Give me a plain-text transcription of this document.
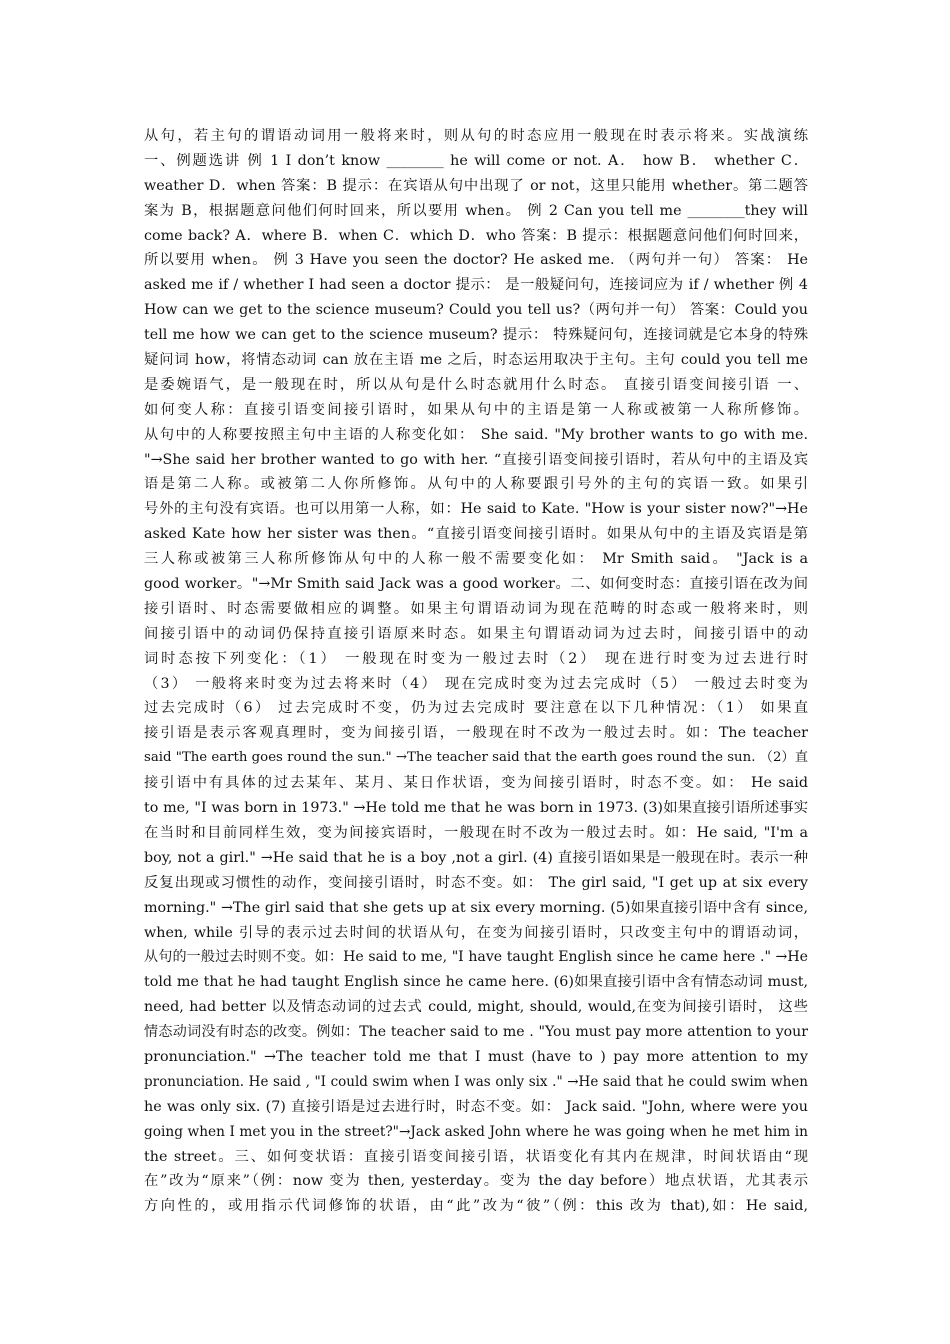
从句，若主句的谓语动词用一般将来时，则从句的时态应用一般现在时表示将来。实战演练
一、例题选讲 例 1 I don’t know ________ he will come or not. A． how B． whether C．
weather D．when 答案：B 提示：在宾语从句中出现了 or not，这里只能用 whether。第二题答
案为 B，根据题意问他们何时回来，所以要用 when。 例 2 Can you tell me ________they will
come back? A．where B．when C．which D．who 答案：B 提示：根据题意问他们何时回来，
所以要用 when。 例 3 Have you seen the doctor? He asked me. （两句并一句） 答案： He
asked me if / whether I had seen a doctor 提示： 是一般疑问句，连接词应为 if / whether 例 4
How can we get to the science museum? Could you tell us?（两句并一句） 答案：Could you
tell me how we can get to the science museum? 提示： 特殊疑问句，连接词就是它本身的特殊
疑问词 how，将情态动词 can 放在主语 me 之后，时态运用取决于主句。主句 could you tell me
是委婉语气，是一般现在时，所以从句是什么时态就用什么时态。 直接引语变间接引语 一、
如何变人称：直接引语变间接引语时，如果从句中的主语是第一人称或被第一人称所修饰。
从句中的人称要按照主句中主语的人称变化如： She said. "My brother wants to go with me.
"→She said her brother wanted to go with her. “直接引语变间接引语时，若从句中的主语及宾
语是第二人称。或被第二人你所修饰。从句中的人称要跟引号外的主句的宾语一致。如果引
号外的主句没有宾语。也可以用第一人称，如：He said to Kate. "How is your sister now?"→He
asked Kate how her sister was then。“直接引语变间接引语时。如果从句中的主语及宾语是第
三人称或被第三人称所修饰从句中的人称一般不需要变化如： Mr Smith said。 "Jack is a
good worker。"→Mr Smith said Jack was a good worker。二、如何变时态：直接引语在改为间
接引语时、时态需要做相应的调整。如果主句谓语动词为现在范畴的时态或一般将来时，则
间接引语中的动词仍保持直接引语原来时态。如果主句谓语动词为过去时，间接引语中的动
词时态按下列变化：（1） 一般现在时变为一般过去时（2） 现在进行时变为过去进行时
（3） 一般将来时变为过去将来时（4） 现在完成时变为过去完成时（5） 一般过去时变为
过去完成时（6） 过去完成时不变，仍为过去完成时 要注意在以下几种情况：（1） 如果直
接引语是表示客观真理时，变为间接引语，一般现在时不改为一般过去时。如：The teacher
said "The earth goes round the sun." →The teacher said that the earth goes round the sun. （2）直
接引语中有具体的过去某年、某月、某日作状语，变为间接引语时，时态不变。如： He said
to me, "I was born in 1973." →He told me that he was born in 1973. (3)如果直接引语所述事实
在当时和目前同样生效，变为间接宾语时，一般现在时不改为一般过去时。如：He said, "I'm a
boy, not a girl." →He said that he is a boy ,not a girl. (4) 直接引语如果是一般现在时。表示一种
反复出现或习惯性的动作，变间接引语时，时态不变。如： The girl said, "I get up at six every
morning." →The girl said that she gets up at six every morning. (5)如果直接引语中含有 since,
when, while 引导的表示过去时间的状语从句，在变为间接引语时，只改变主句中的谓语动词，
从句的一般过去时则不变。如：He said to me, "I have taught English since he came here ." →He
told me that he had taught English since he came here. (6)如果直接引语中含有情态动词 must,
need, had better 以及情态动词的过去式 could, might, should, would,在变为间接引语时， 这些
情态动词没有时态的改变。例如：The teacher said to me . "You must pay more attention to your
pronunciation." →The teacher told me that I must (have to ) pay more attention to my
pronunciation. He said , "I could swim when I was only six ." →He said that he could swim when
he was only six. (7) 直接引语是过去进行时，时态不变。如： Jack said. "John, where were you
going when I met you in the street?"→Jack asked John where he was going when he met him in
the street。三、如何变状语：直接引语变间接引语，状语变化有其内在规津，时间状语由“现
在”改为“原来”（例：now 变为 then, yesterday。变为 the day before）地点状语，尤其表示
方向性的，或用指示代词修饰的状语，由“此”改为“彼”（例：this 改为 that),如：He said,
